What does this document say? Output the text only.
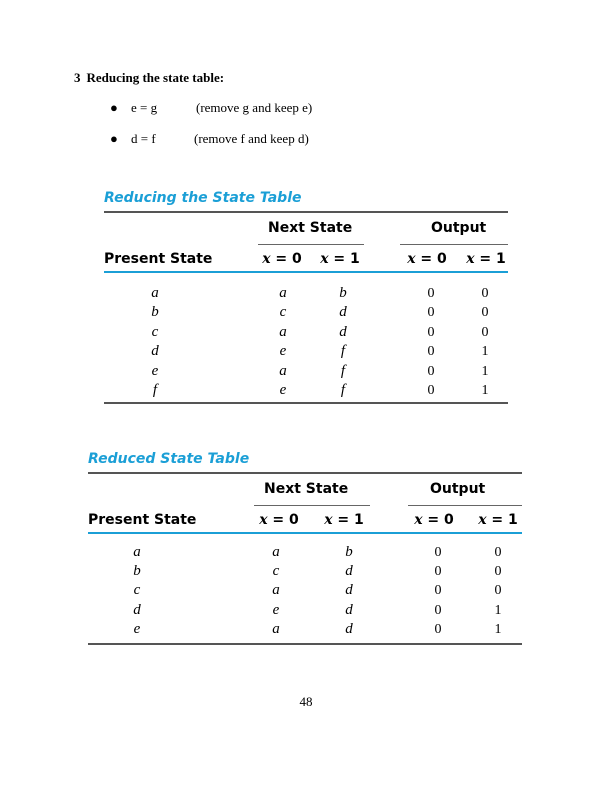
3 Reducing the state table:
● e = g	(remove g and keep e)
● d = f	(remove f and keep d)
Reducing the State Table
Next State	Output
Present State	x = 0 x = 1	x = 0 x = 1
a	a	b	0	0
b	c	d	0	0
c	a	d	0	0
d	e	f	0	1
e	a	f	0	1
f	e	f	0	1
Reduced State Table
Next State	Output
Present State	x = 0 x = 1	x = 0 x = 1
a	a	b	0	0
b	c	d	0	0
c	a	d	0	0
d	e	d	0	1
e	a	d	0	1
48
